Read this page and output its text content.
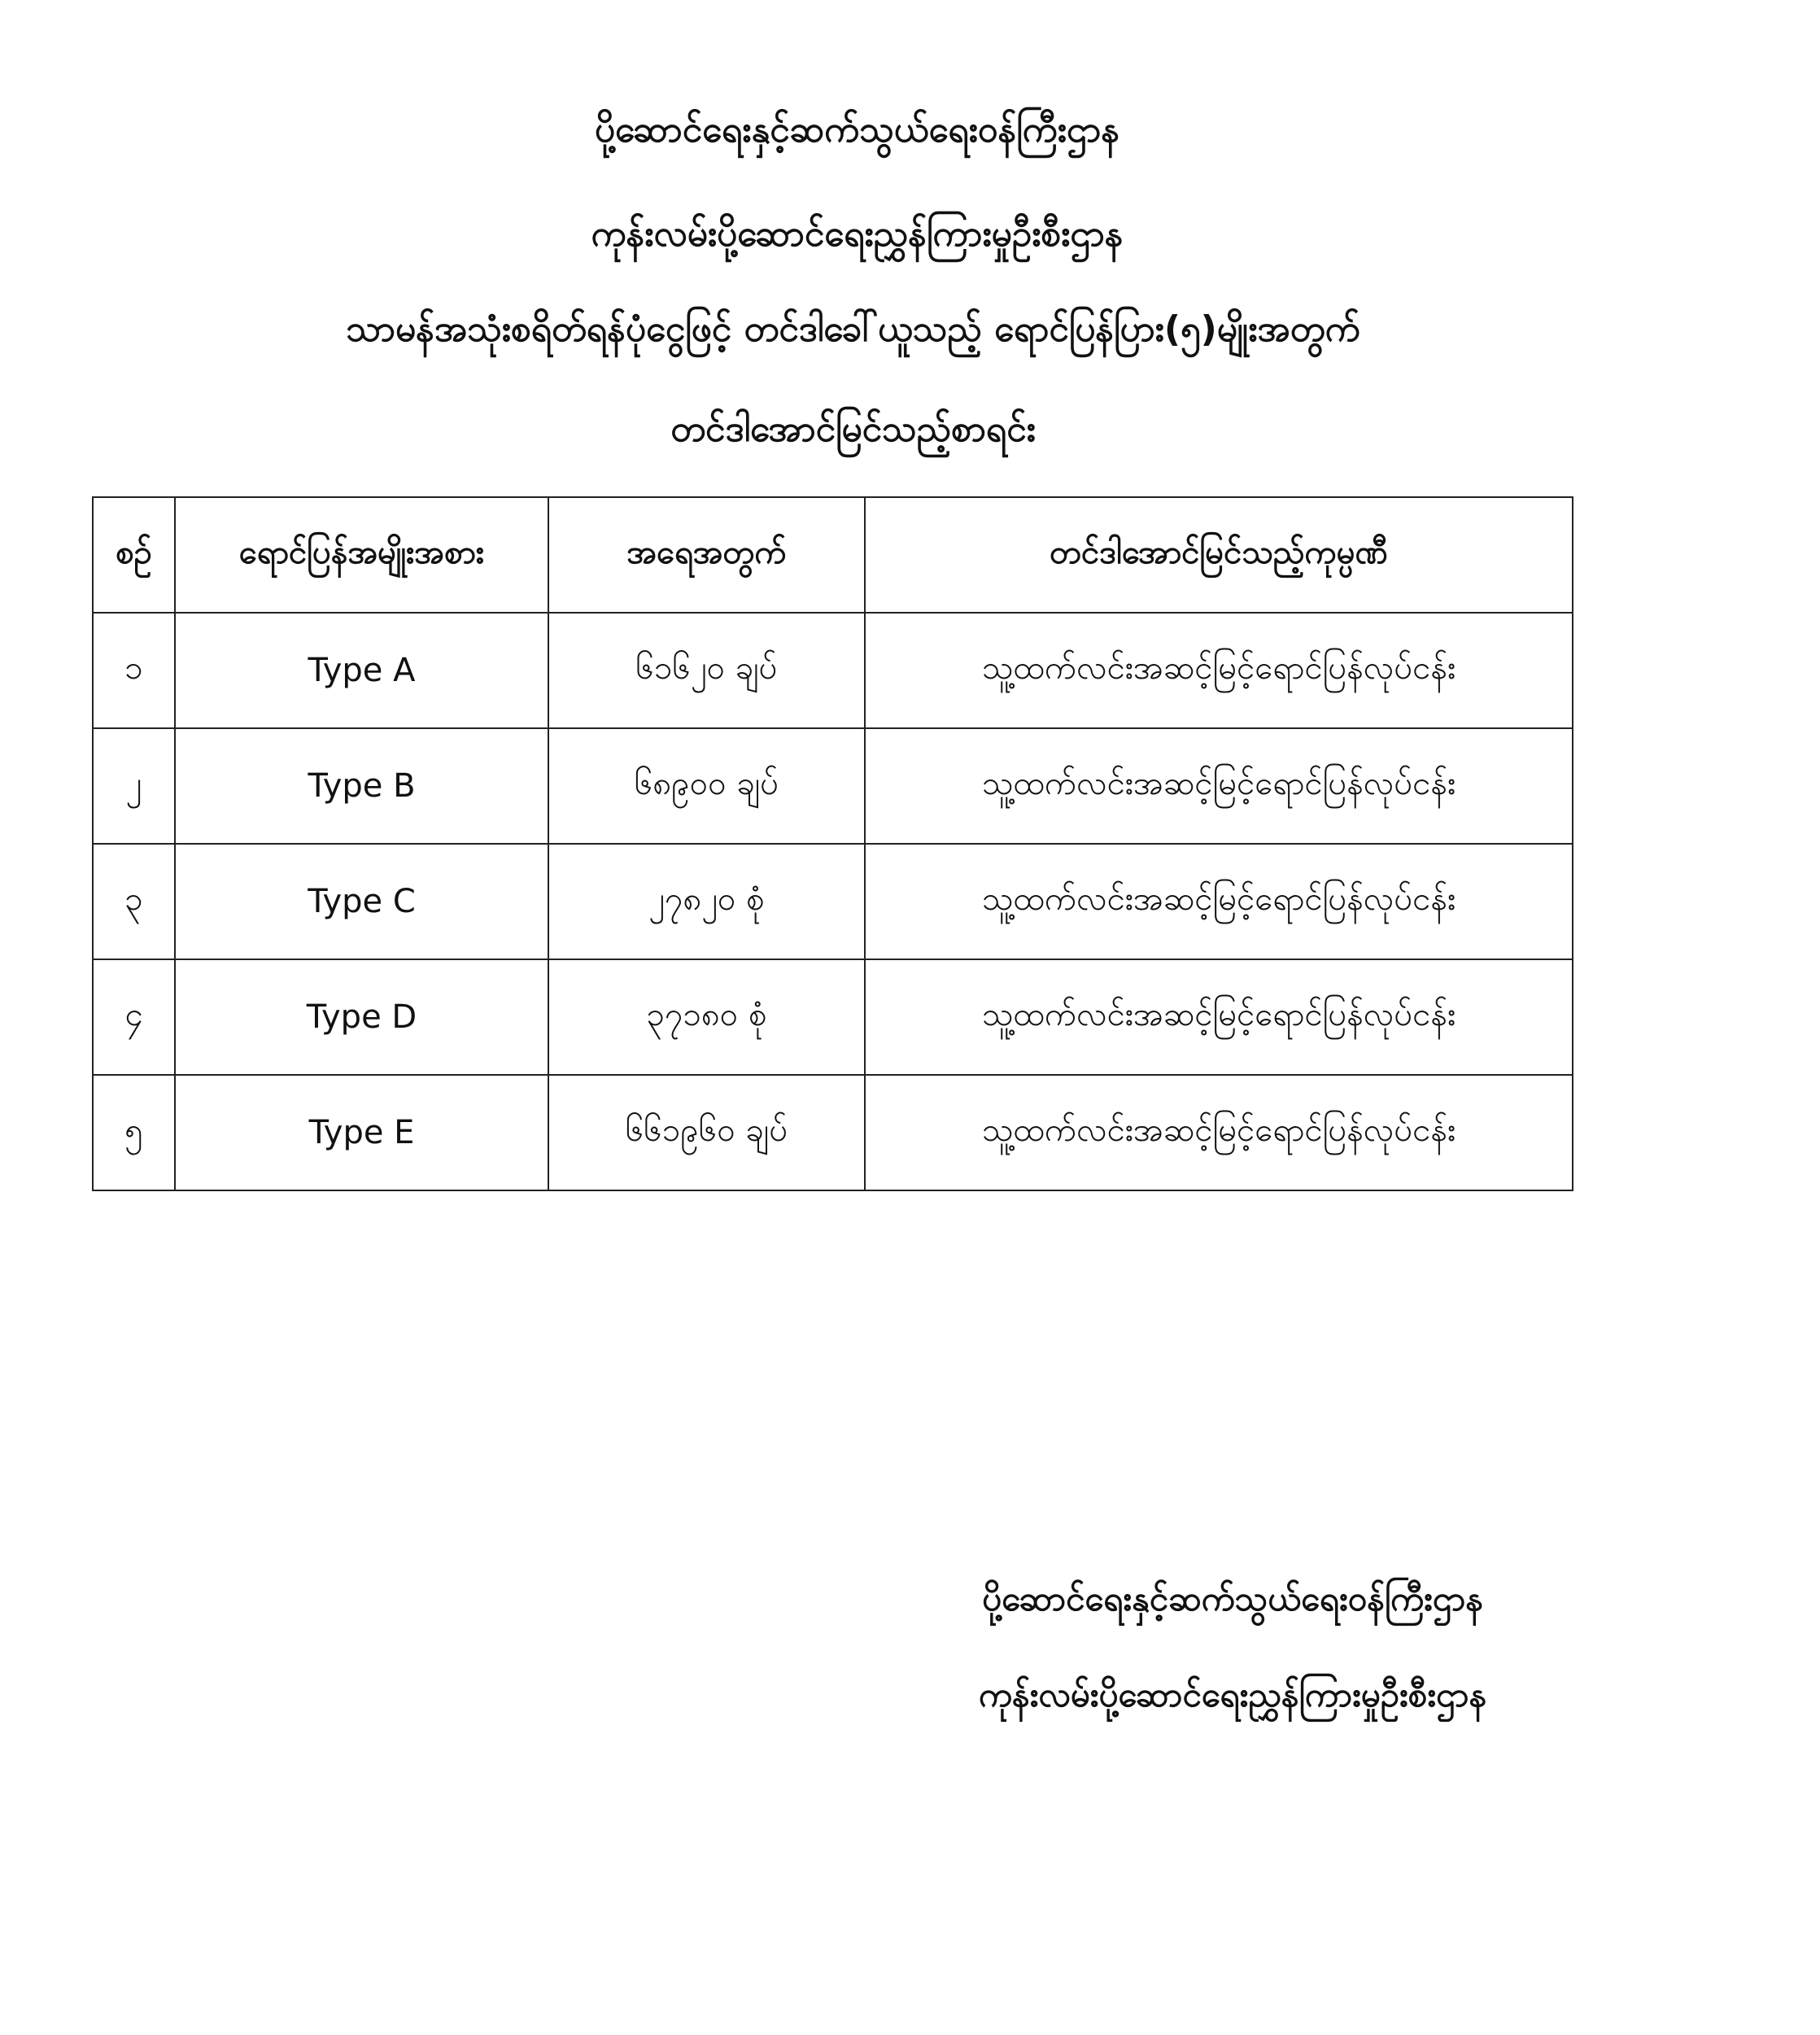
ပို့ဆောင်ရေးနှင့်ဆက်သွယ်ရေးဝန်ကြီးဌာန
ကုန်းလမ်းပို့ဆောင်ရေးညွှန်ကြားမှုဦးစီးဌာန
သာမန်အသုံးစရိတ်ရန်ပုံငွေဖြင့် တင်ဒါခေါ်ယူသည့် ရောင်ပြန်ပြား(၅)မျိုးအတွက်
တင်ဒါအောင်မြင်သည့်စာရင်း
စဉ်	ရောင်ပြန်အမျိုးအစား	အရေအတွက်	တင်ဒါအောင်မြင်သည့်ကုမ္ပဏီ
၁	Type A	၆၁၆၂၀ ချပ်	သူ့ထက်လင်းအဆင့်မြင့်ရောင်ပြန်လုပ်ငန်း
၂	Type B	၆၈၉၀၀ ချပ်	သူ့ထက်လင်းအဆင့်မြင့်ရောင်ပြန်လုပ်ငန်း
၃	Type C	၂၇၈၂၀ စုံ	သူ့ထက်လင်းအဆင့်မြင့်ရောင်ပြန်လုပ်ငန်း
၄	Type D	၃၇၁၈၀ စုံ	သူ့ထက်လင်းအဆင့်မြင့်ရောင်ပြန်လုပ်ငန်း
၅	Type E	၆၆၁၉၆၀ ချပ်	သူ့ထက်လင်းအဆင့်မြင့်ရောင်ပြန်လုပ်ငန်း
ပို့ဆောင်ရေးနှင့်ဆက်သွယ်ရေးဝန်ကြီးဌာန
ကုန်းလမ်းပို့ဆောင်ရေးညွှန်ကြားမှုဦးစီးဌာန
